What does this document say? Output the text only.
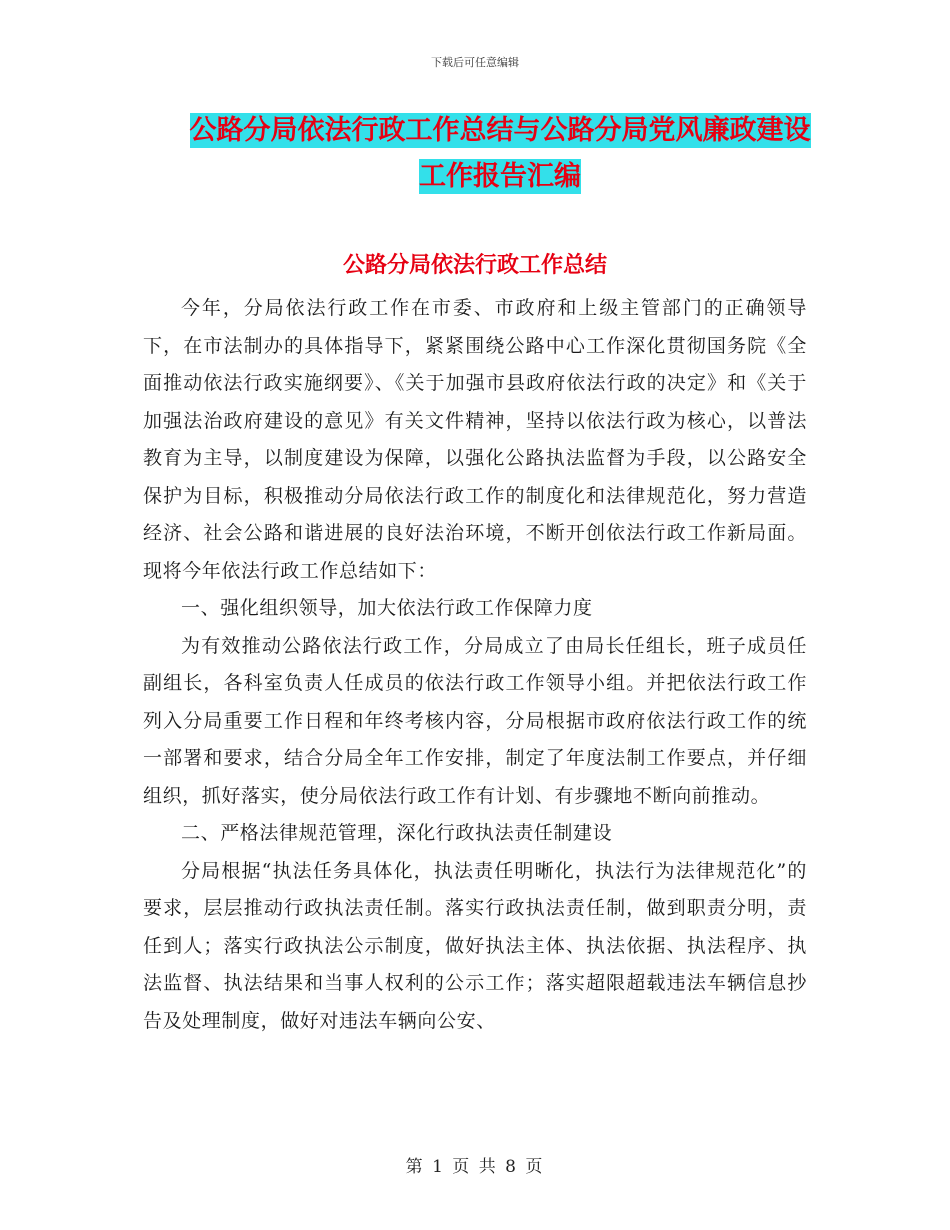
下载后可任意编辑
公路分局依法行政工作总结与公路分局党风廉政建设
工作报告汇编
公路分局依法行政工作总结

今年，分局依法行政工作在市委、市政府和上级主管部门的正确领导下，在市法制办的具体指导下，紧紧围绕公路中心工作深化贯彻国务院《全面推动依法行政实施纲要》、《关于加强市县政府依法行政的决定》和《关于加强法治政府建设的意见》有关文件精神，坚持以依法行政为核心，以普法教育为主导，以制度建设为保障，以强化公路执法监督为手段，以公路安全保护为目标，积极推动分局依法行政工作的制度化和法律规范化，努力营造经济、社会公路和谐进展的良好法治环境，不断开创依法行政工作新局面。现将今年依法行政工作总结如下：

一、强化组织领导，加大依法行政工作保障力度

为有效推动公路依法行政工作，分局成立了由局长任组长，班子成员任副组长，各科室负责人任成员的依法行政工作领导小组。并把依法行政工作列入分局重要工作日程和年终考核内容，分局根据市政府依法行政工作的统一部署和要求，结合分局全年工作安排，制定了年度法制工作要点，并仔细组织，抓好落实，使分局依法行政工作有计划、有步骤地不断向前推动。

二、严格法律规范管理，深化行政执法责任制建设

分局根据“执法任务具体化，执法责任明晰化，执法行为法律规范化”的要求，层层推动行政执法责任制。落实行政执法责任制，做到职责分明，责任到人；落实行政执法公示制度，做好执法主体、执法依据、执法程序、执法监督、执法结果和当事人权利的公示工作；落实超限超载违法车辆信息抄告及处理制度，做好对违法车辆向公安、

第 1 页 共 8 页
